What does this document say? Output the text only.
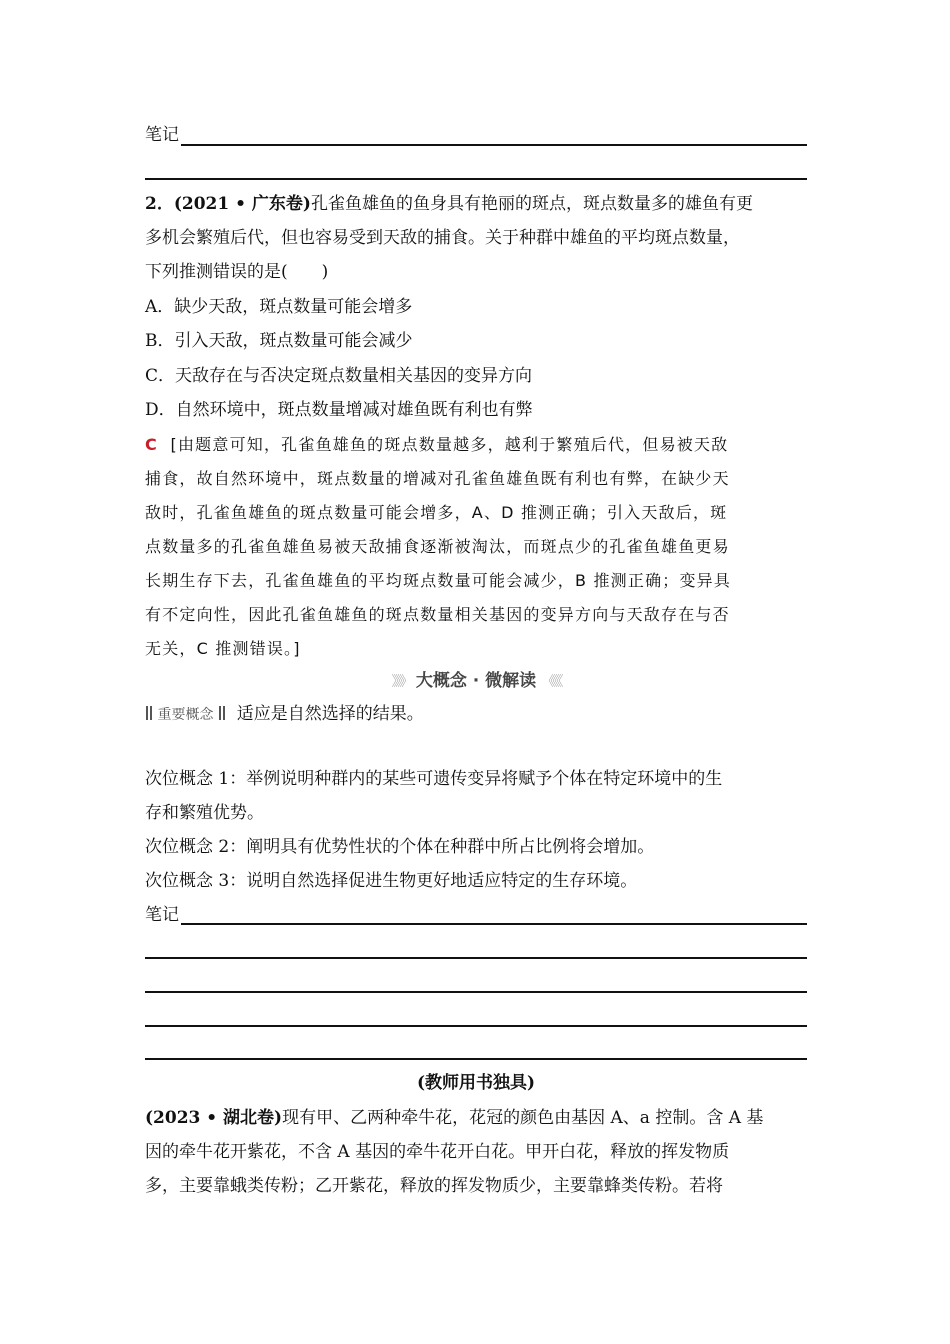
笔记
2．(2021 • 广东卷)孔雀鱼雄鱼的鱼身具有艳丽的斑点，斑点数量多的雄鱼有更
多机会繁殖后代，但也容易受到天敌的捕食。关于种群中雄鱼的平均斑点数量，
下列推测错误的是(　　)
A．缺少天敌，斑点数量可能会增多
B．引入天敌，斑点数量可能会减少
C．天敌存在与否决定斑点数量相关基因的变异方向
D．自然环境中，斑点数量增减对雄鱼既有利也有弊
C [由题意可知，孔雀鱼雄鱼的斑点数量越多，越利于繁殖后代，但易被天敌
捕食，故自然环境中，斑点数量的增减对孔雀鱼雄鱼既有利也有弊，在缺少天
敌时，孔雀鱼雄鱼的斑点数量可能会增多，A、D 推测正确；引入天敌后，斑
点数量多的孔雀鱼雄鱼易被天敌捕食逐渐被淘汰，而斑点少的孔雀鱼雄鱼更易
长期生存下去，孔雀鱼雄鱼的平均斑点数量可能会减少，B 推测正确；变异具
有不定向性，因此孔雀鱼雄鱼的斑点数量相关基因的变异方向与天敌存在与否
无关，C 推测错误。]
》》》 大概念 · 微解读 《《《
重要概念 适应是自然选择的结果。
次位概念 1：举例说明种群内的某些可遗传变异将赋予个体在特定环境中的生
存和繁殖优势。
次位概念 2：阐明具有优势性状的个体在种群中所占比例将会增加。
次位概念 3：说明自然选择促进生物更好地适应特定的生存环境。
笔记
(教师用书独具)
(2023 • 湖北卷)现有甲、乙两种牵牛花，花冠的颜色由基因 A、a 控制。含 A 基
因的牵牛花开紫花，不含 A 基因的牵牛花开白花。甲开白花，释放的挥发物质
多，主要靠蛾类传粉；乙开紫花，释放的挥发物质少，主要靠蜂类传粉。若将
